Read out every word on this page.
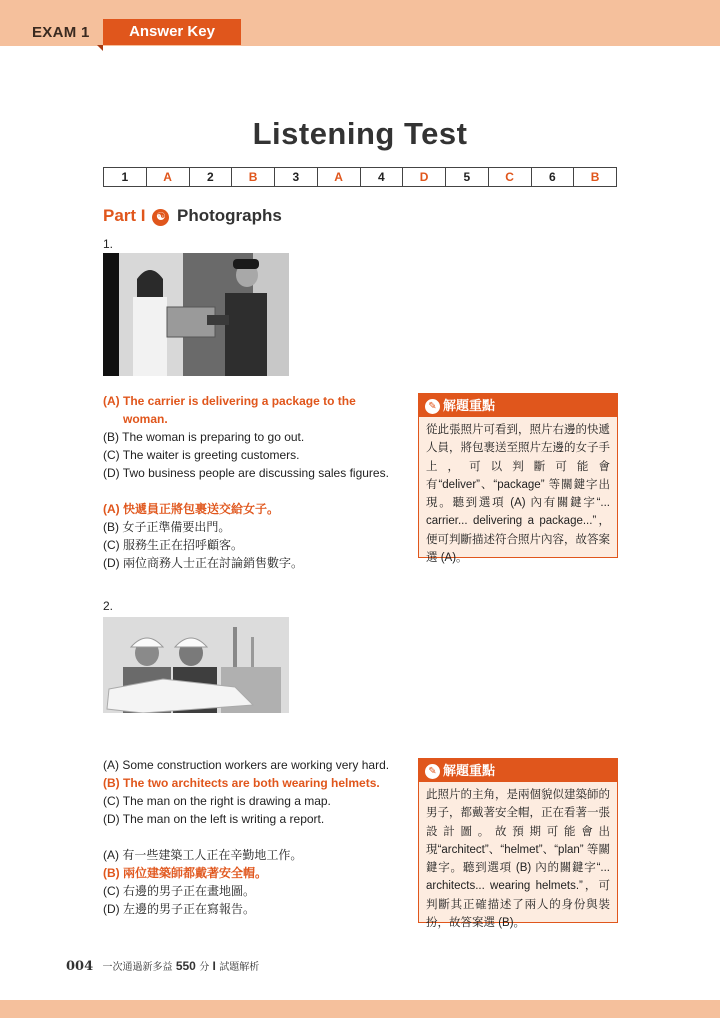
EXAM 1	Answer Key
Listening Test
1	A	2	B	3	A	4	D	5	C	6	B
Part I ☯ Photographs
1.
(A) The carrier is delivering a package to the
woman.
(B) The woman is preparing to go out.
(C) The waiter is greeting customers.
(D) Two business people are discussing sales figures.
(A) 快遞員正將包裹送交給女子。
(B) 女子正準備要出門。
(C) 服務生正在招呼顧客。
(D) 兩位商務人士正在討論銷售數字。
✎ 解題重點
從此張照片可看到，照片右邊的快遞人員，將包裹送至照片左邊的女子手上，可以判斷可能會有“deliver”、“package” 等關鍵字出現。聽到選項 (A) 內有關鍵字“... carrier... delivering a package...”，便可判斷描述符合照片內容，故答案選 (A)。
2.
(A) Some construction workers are working very hard.
(B) The two architects are both wearing helmets.
(C) The man on the right is drawing a map.
(D) The man on the left is writing a report.
(A) 有一些建築工人正在辛勤地工作。
(B) 兩位建築師都戴著安全帽。
(C) 右邊的男子正在畫地圖。
(D) 左邊的男子正在寫報告。
✎ 解題重點
此照片的主角，是兩個貌似建築師的男子，都戴著安全帽，正在看著一張設計圖。故預期可能會出現“architect”、“helmet”、“plan” 等關鍵字。聽到選項 (B) 內的關鍵字“... architects... wearing helmets.”，可判斷其正確描述了兩人的身份與裝扮，故答案選 (B)。
004 一次通過新多益 550 分 I 試題解析
